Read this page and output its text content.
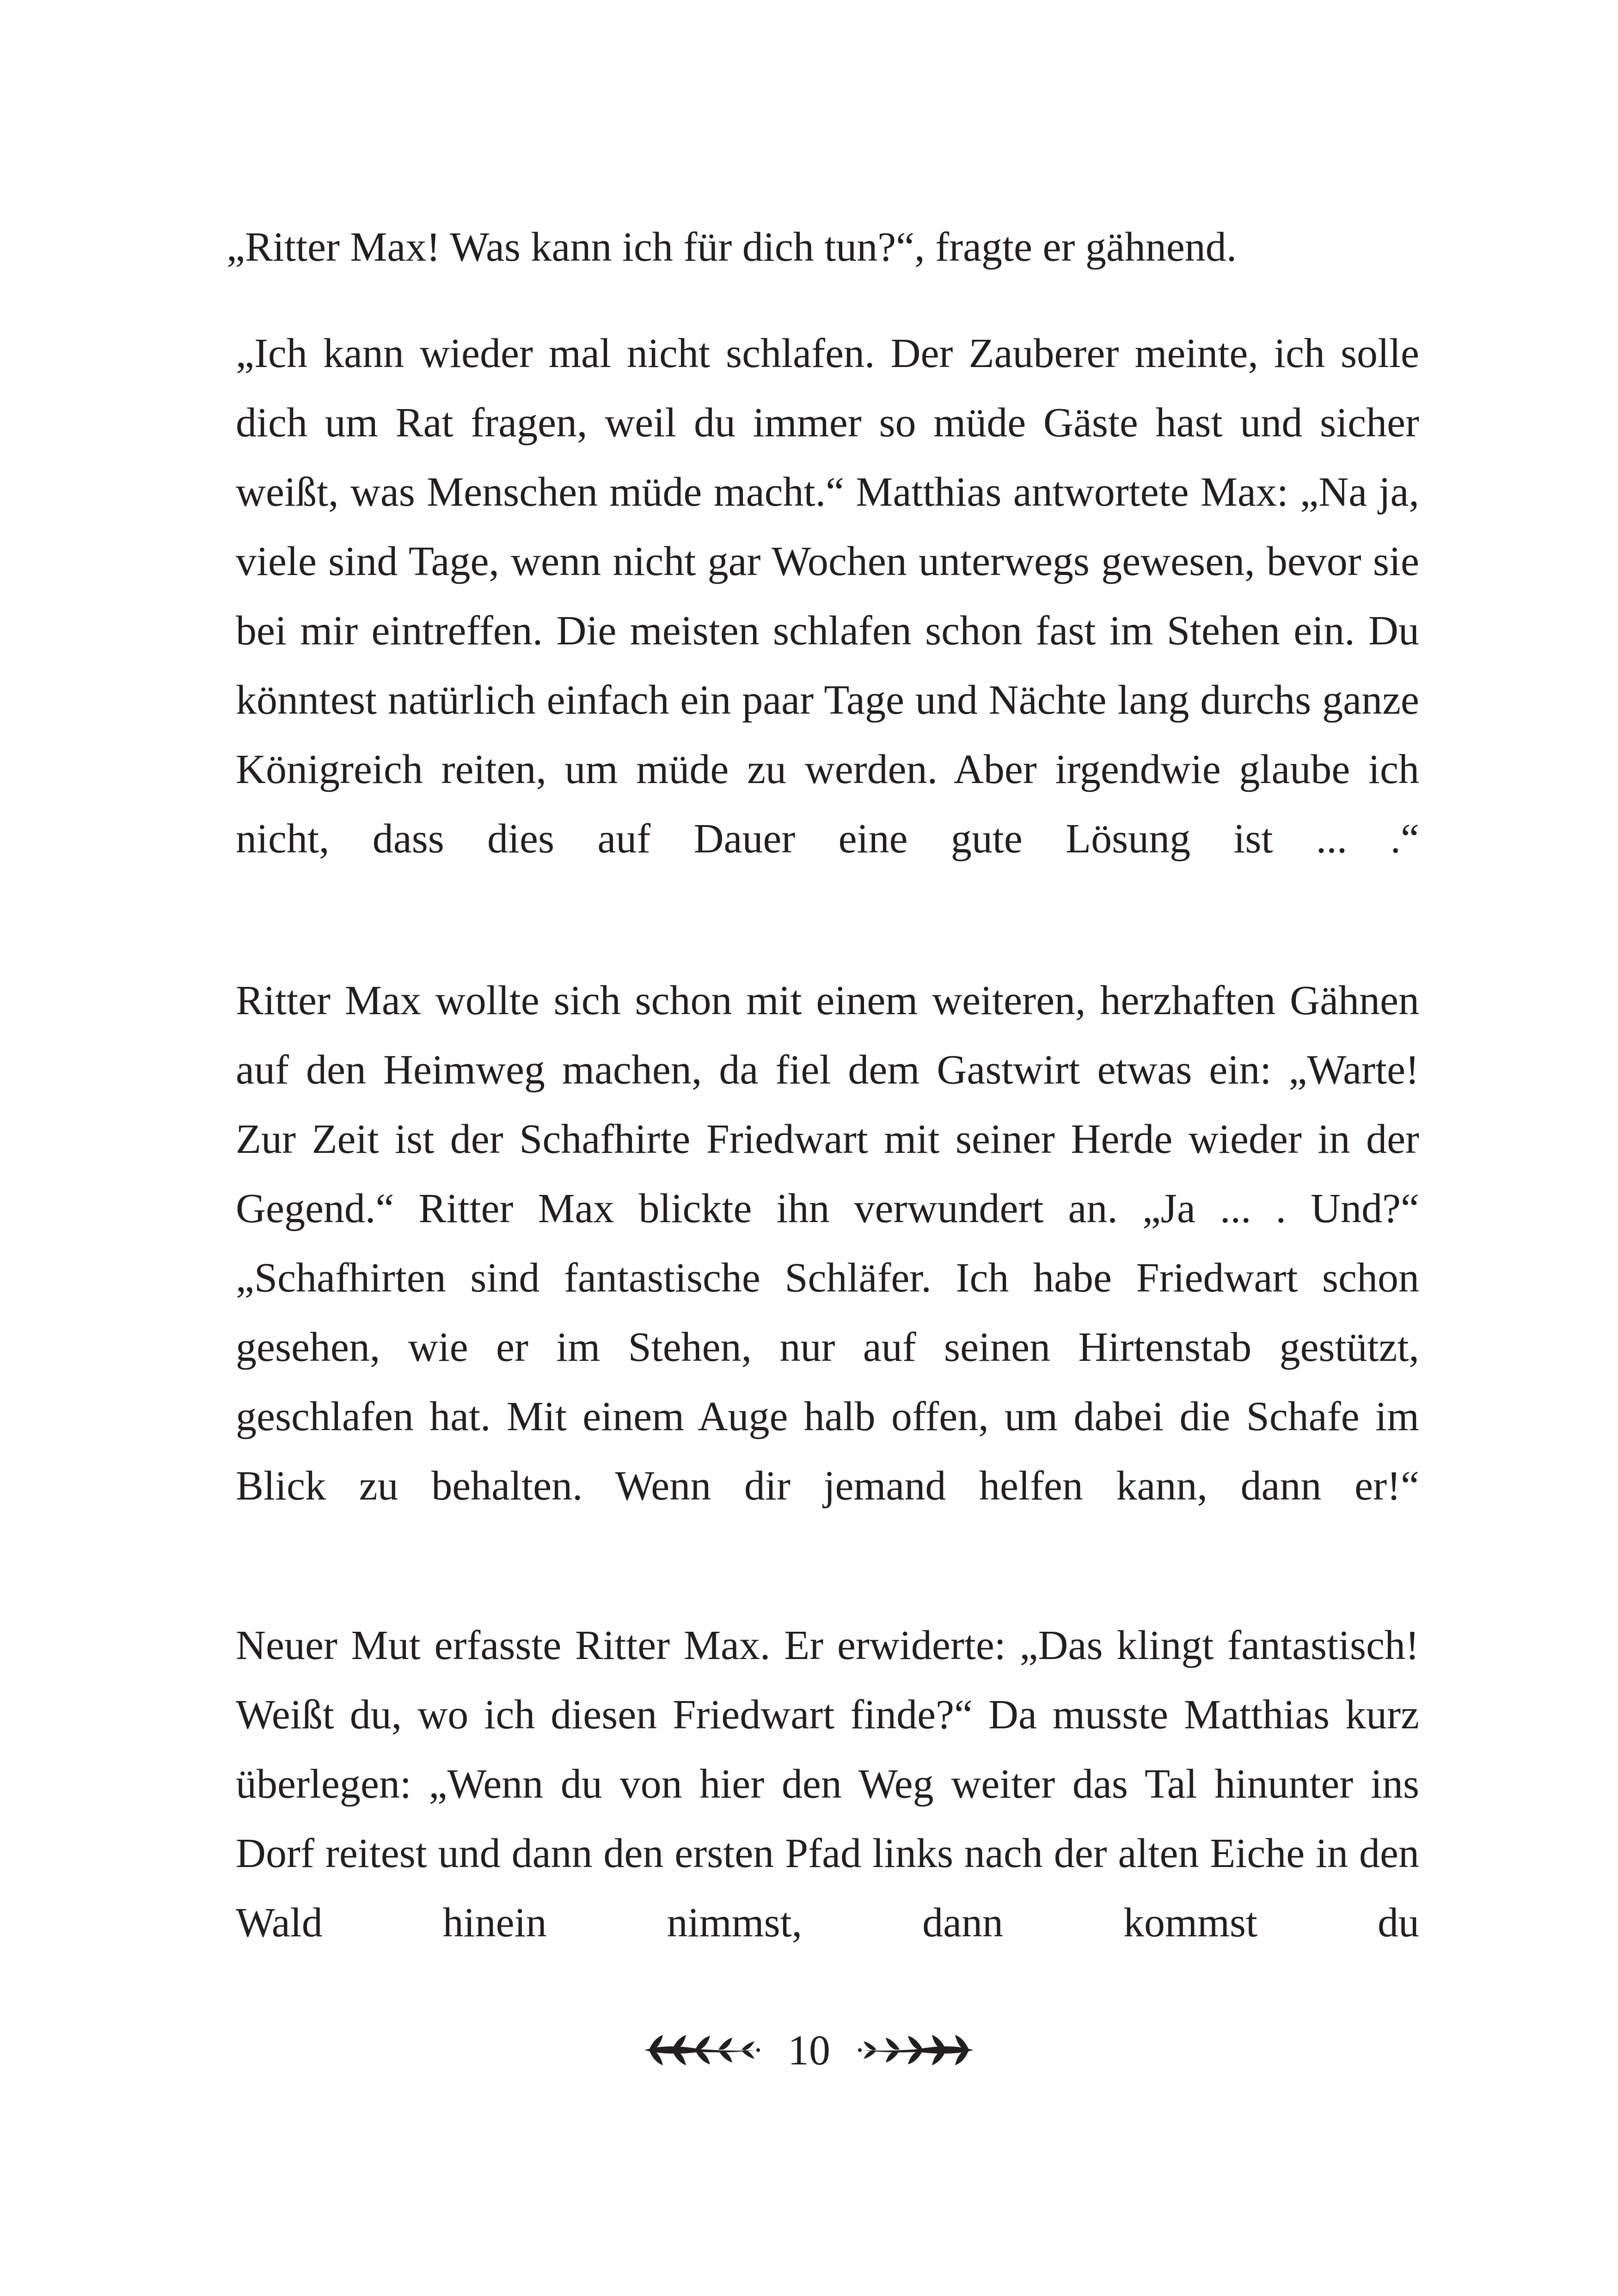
„Ritter Max! Was kann ich für dich tun?“, fragte er gähnend.

„Ich kann wieder mal nicht schlafen. Der Zauberer meinte, ich solle dich um Rat fragen, weil du immer so müde Gäste hast und sicher weißt, was Menschen müde macht.“ Matthias antwortete Max: „Na ja, viele sind Tage, wenn nicht gar Wochen unterwegs gewesen, bevor sie bei mir eintreffen. Die meisten schlafen schon fast im Stehen ein. Du könntest natürlich einfach ein paar Tage und Nächte lang durchs ganze Königreich reiten, um müde zu werden. Aber irgendwie glaube ich nicht, dass dies auf Dauer eine gute Lösung ist ... .“

Ritter Max wollte sich schon mit einem weiteren, herzhaften Gähnen auf den Heimweg machen, da fiel dem Gastwirt etwas ein: „Warte! Zur Zeit ist der Schafhirte Friedwart mit seiner Herde wieder in der Gegend.“ Ritter Max blickte ihn verwundert an. „Ja ... . Und?“ „Schafhirten sind fantastische Schläfer. Ich habe Friedwart schon gesehen, wie er im Stehen, nur auf seinen Hirtenstab gestützt, geschlafen hat. Mit einem Auge halb offen, um dabei die Schafe im Blick zu behalten. Wenn dir jemand helfen kann, dann er!“

Neuer Mut erfasste Ritter Max. Er erwiderte: „Das klingt fantastisch! Weißt du, wo ich diesen Friedwart finde?“ Da musste Matthias kurz überlegen: „Wenn du von hier den Weg weiter das Tal hinunter ins Dorf reitest und dann den ersten Pfad links nach der alten Eiche in den Wald hinein nimmst, dann kommst du

10
